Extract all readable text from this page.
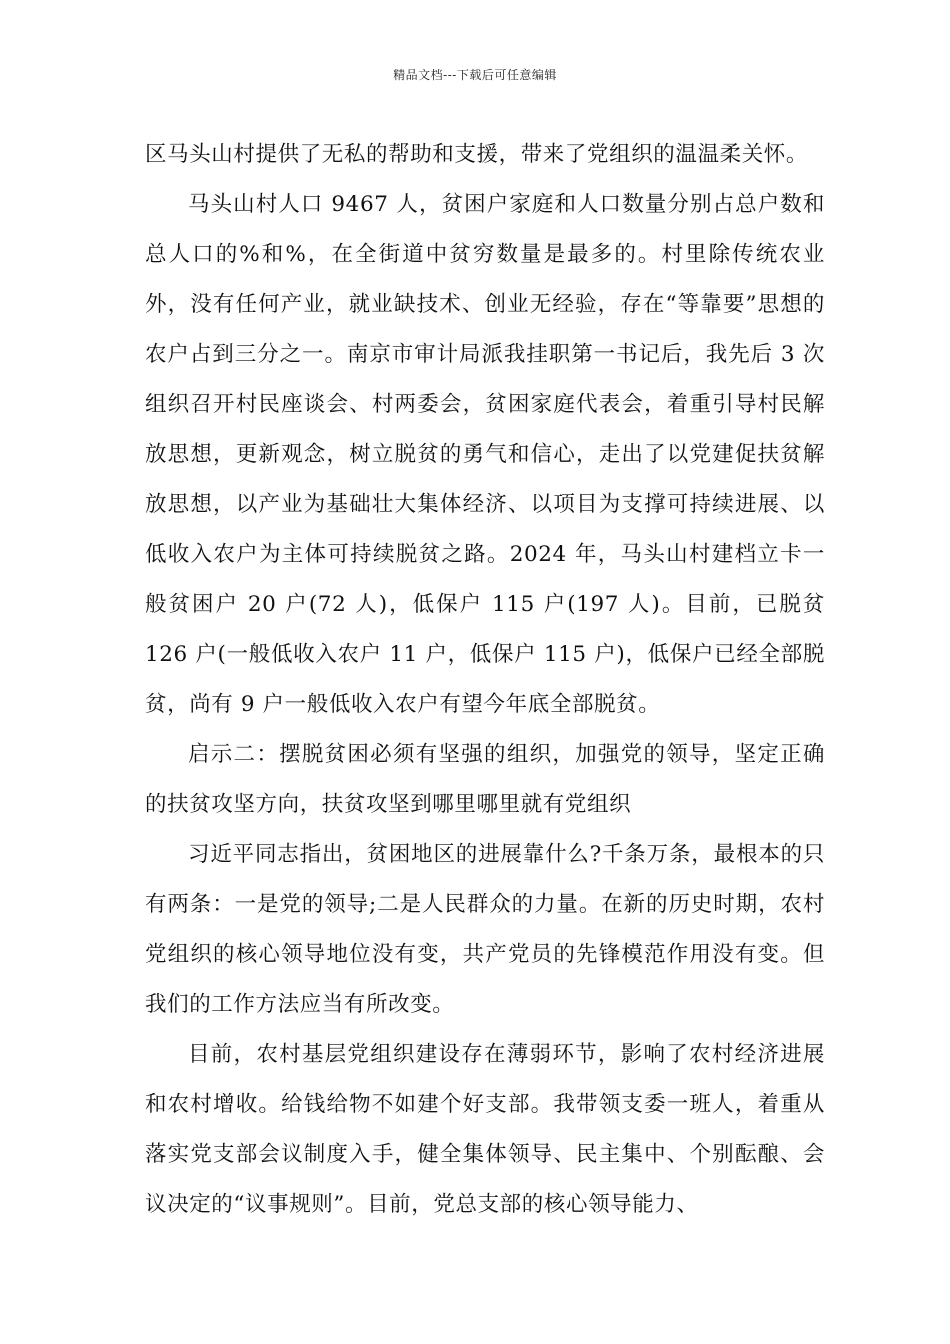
精品文档---下载后可任意编辑

区马头山村提供了无私的帮助和支援，带来了党组织的温温柔关怀。

马头山村人口 9467 人，贫困户家庭和人口数量分别占总户数和总人口的%和%，在全街道中贫穷数量是最多的。村里除传统农业外，没有任何产业，就业缺技术、创业无经验，存在“等靠要”思想的农户占到三分之一。南京市审计局派我挂职第一书记后，我先后 3 次组织召开村民座谈会、村两委会，贫困家庭代表会，着重引导村民解放思想，更新观念，树立脱贫的勇气和信心，走出了以党建促扶贫解放思想，以产业为基础壮大集体经济、以项目为支撑可持续进展、以低收入农户为主体可持续脱贫之路。2024 年，马头山村建档立卡一般贫困户 20 户(72 人)，低保户 115 户(197 人)。目前，已脱贫 126 户(一般低收入农户 11 户，低保户 115 户)，低保户已经全部脱贫，尚有 9 户一般低收入农户有望今年底全部脱贫。

启示二：摆脱贫困必须有坚强的组织，加强党的领导，坚定正确的扶贫攻坚方向，扶贫攻坚到哪里哪里就有党组织

习近平同志指出，贫困地区的进展靠什么?千条万条，最根本的只有两条：一是党的领导;二是人民群众的力量。在新的历史时期，农村党组织的核心领导地位没有变，共产党员的先锋模范作用没有变。但我们的工作方法应当有所改变。

目前，农村基层党组织建设存在薄弱环节，影响了农村经济进展和农村增收。给钱给物不如建个好支部。我带领支委一班人，着重从落实党支部会议制度入手，健全集体领导、民主集中、个别酝酿、会议决定的“议事规则”。目前，党总支部的核心领导能力、
